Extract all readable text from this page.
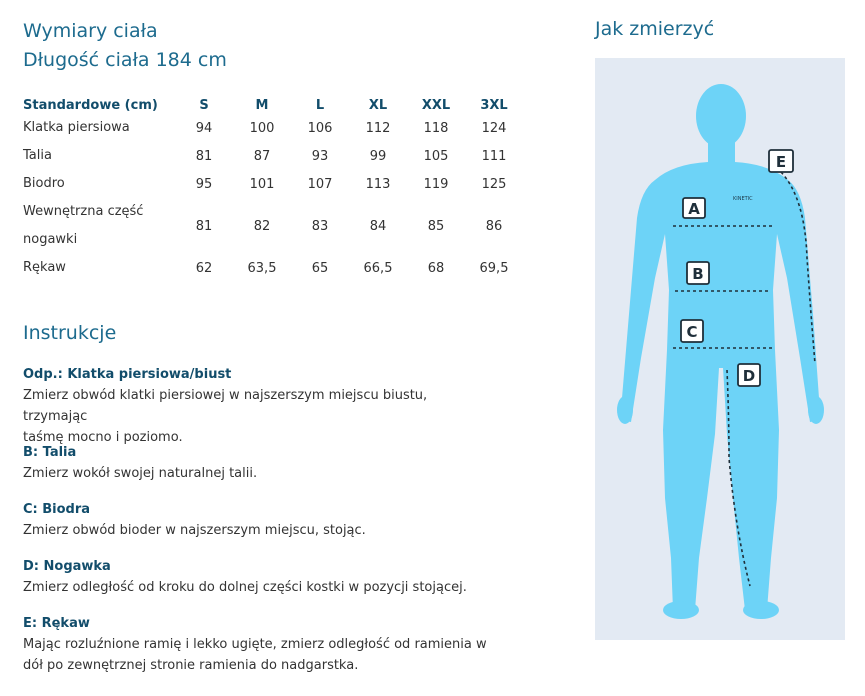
Wymiary ciała
Długość ciała 184 cm
Standardowe (cm)	S	M	L	XL	XXL	3XL
Klatka piersiowa	94	100	106	112	118	124
Talia	81	87	93	99	105	111
Biodro	95	101	107	113	119	125
Wewnętrzna część
nogawki	81	82	83	84	85	86
Rękaw	62	63,5	65	66,5	68	69,5
Instrukcje
Odp.: Klatka piersiowa/biust
Zmierz obwód klatki piersiowej w najszerszym miejscu biustu, trzymając
taśmę mocno i poziomo.
B: Talia
Zmierz wokół swojej naturalnej talii.
C: Biodra
Zmierz obwód bioder w najszerszym miejscu, stojąc.
D: Nogawka
Zmierz odległość od kroku do dolnej części kostki w pozycji stojącej.
E: Rękaw
Mając rozluźnione ramię i lekko ugięte, zmierz odległość od ramienia w
dół po zewnętrznej stronie ramienia do nadgarstka.
Jak zmierzyć
KINETIC
A
B
C
D
E
